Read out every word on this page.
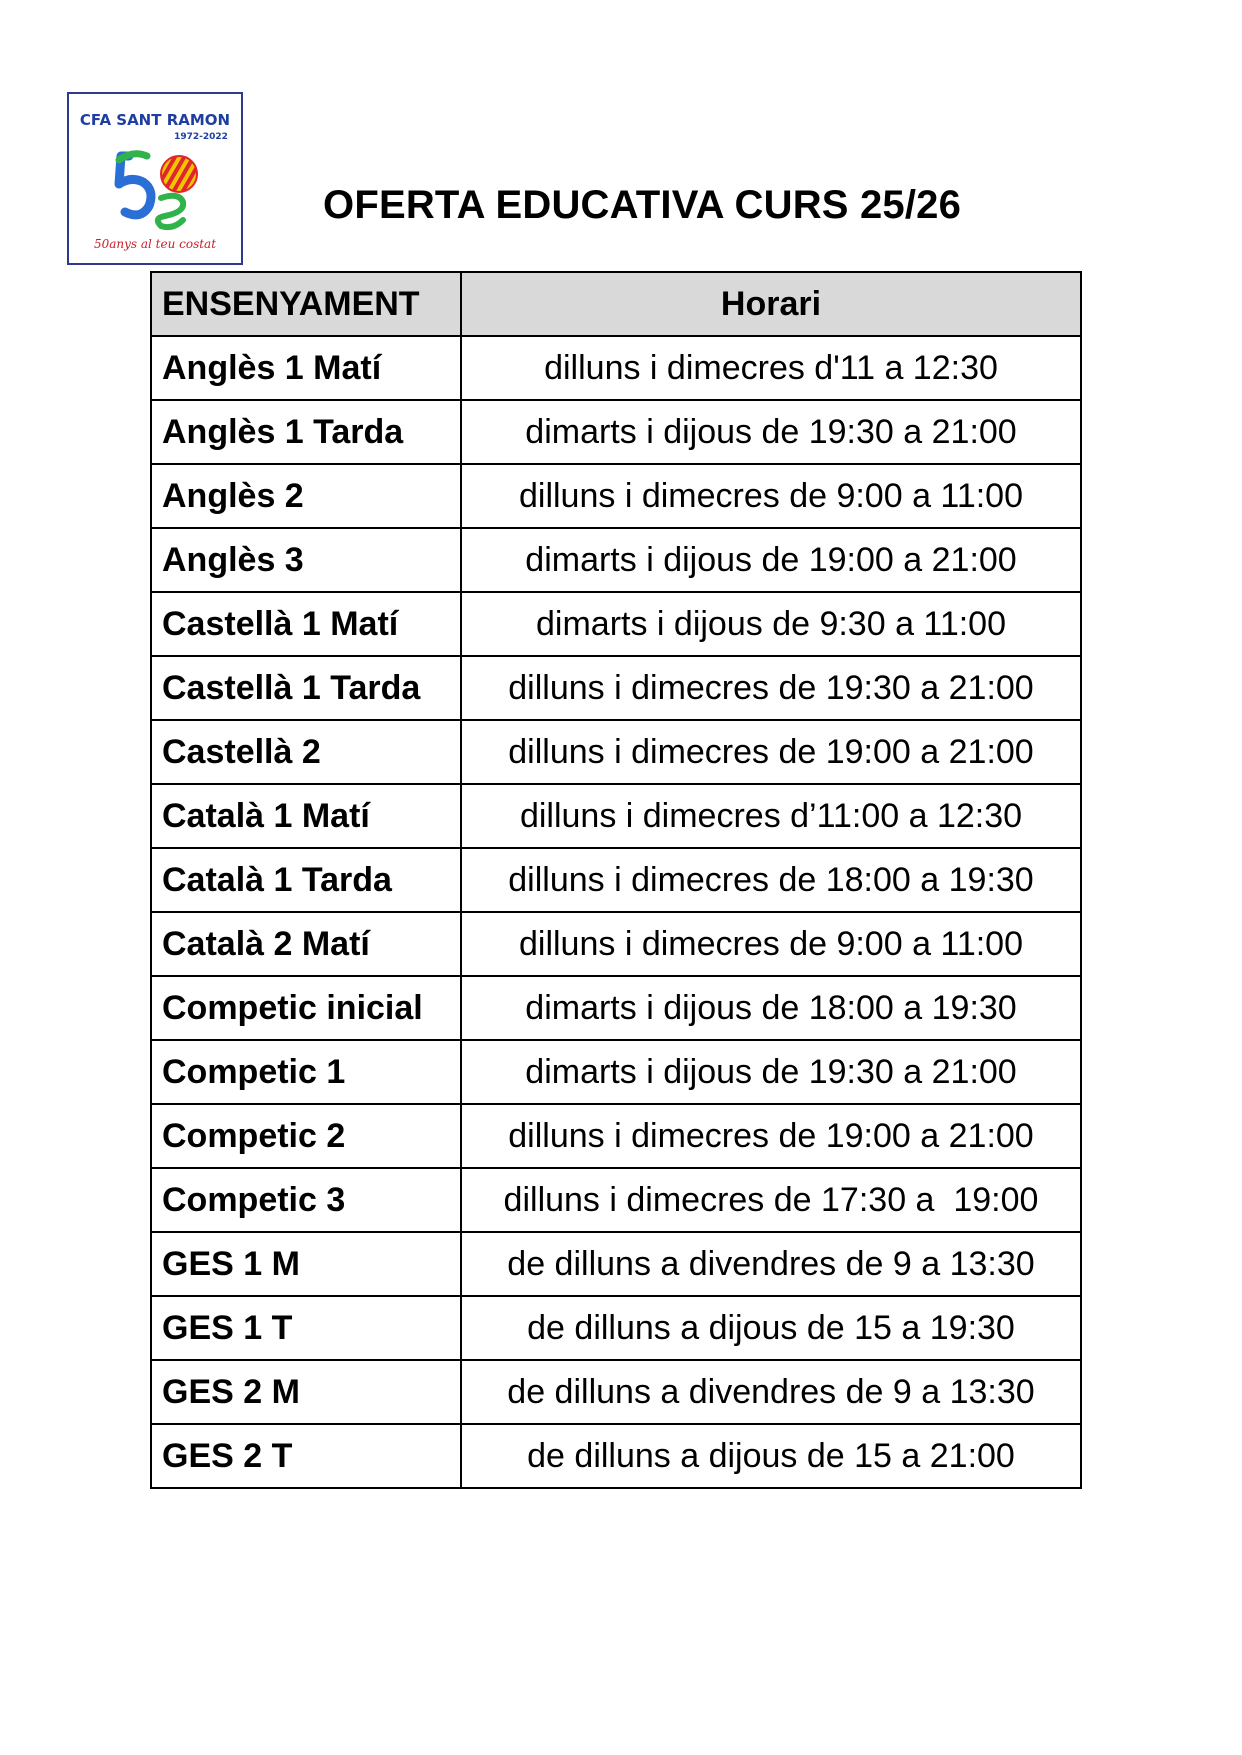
CFA SANT RAMON
1972-2022
50anys al teu costat
OFERTA EDUCATIVA CURS 25/26
ENSENYAMENT	Horari
Anglès 1 Matí	dilluns i dimecres d'11 a 12:30
Anglès 1 Tarda	dimarts i dijous de 19:30 a 21:00
Anglès 2	dilluns i dimecres de 9:00 a 11:00
Anglès 3	dimarts i dijous de 19:00 a 21:00
Castellà 1 Matí	dimarts i dijous de 9:30 a 11:00
Castellà 1 Tarda	dilluns i dimecres de 19:30 a 21:00
Castellà 2	dilluns i dimecres de 19:00 a 21:00
Català 1 Matí	dilluns i dimecres d’11:00 a 12:30
Català 1 Tarda	dilluns i dimecres de 18:00 a 19:30
Català 2 Matí	dilluns i dimecres de 9:00 a 11:00
Competic inicial	dimarts i dijous de 18:00 a 19:30
Competic 1	dimarts i dijous de 19:30 a 21:00
Competic 2	dilluns i dimecres de 19:00 a 21:00
Competic 3	dilluns i dimecres de 17:30 a  19:00
GES 1 M	de dilluns a divendres de 9 a 13:30
GES 1 T	de dilluns a dijous de 15 a 19:30
GES 2 M	de dilluns a divendres de 9 a 13:30
GES 2 T	de dilluns a dijous de 15 a 21:00
